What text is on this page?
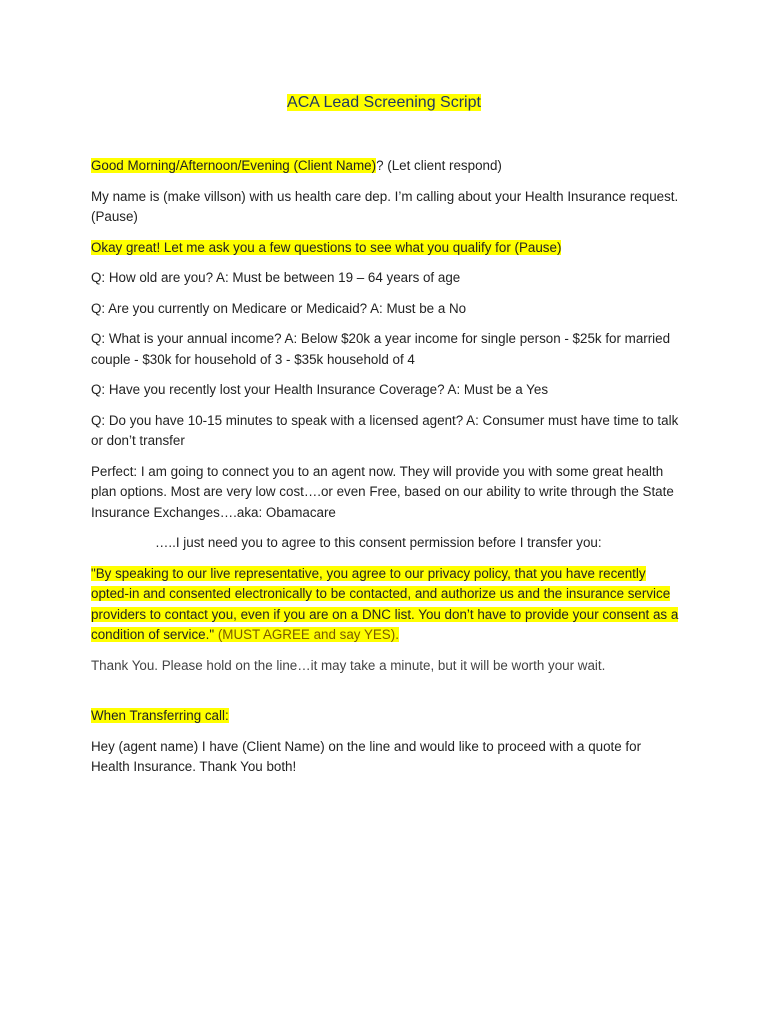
ACA Lead Screening Script

Good Morning/Afternoon/Evening (Client Name)? (Let client respond)

My name is (make villson) with us health care dep. I’m calling about your Health Insurance request. (Pause)

Okay great! Let me ask you a few questions to see what you qualify for (Pause)

Q: How old are you? A: Must be between 19 – 64 years of age

Q: Are you currently on Medicare or Medicaid? A: Must be a No

Q: What is your annual income? A: Below $20k a year income for single person - $25k for married couple - $30k for household of 3 - $35k household of 4

Q: Have you recently lost your Health Insurance Coverage? A: Must be a Yes

Q: Do you have 10-15 minutes to speak with a licensed agent? A: Consumer must have time to talk or don’t transfer

Perfect: I am going to connect you to an agent now. They will provide you with some great health plan options. Most are very low cost….or even Free, based on our ability to write through the State Insurance Exchanges….aka: Obamacare

…..I just need you to agree to this consent permission before I transfer you:

"By speaking to our live representative, you agree to our privacy policy, that you have recently opted-in and consented electronically to be contacted, and authorize us and the insurance service providers to contact you, even if you are on a DNC list. You don’t have to provide your consent as a condition of service." (MUST AGREE and say YES).

Thank You. Please hold on the line…it may take a minute, but it will be worth your wait.

When Transferring call:

Hey (agent name) I have (Client Name) on the line and would like to proceed with a quote for Health Insurance. Thank You both!
